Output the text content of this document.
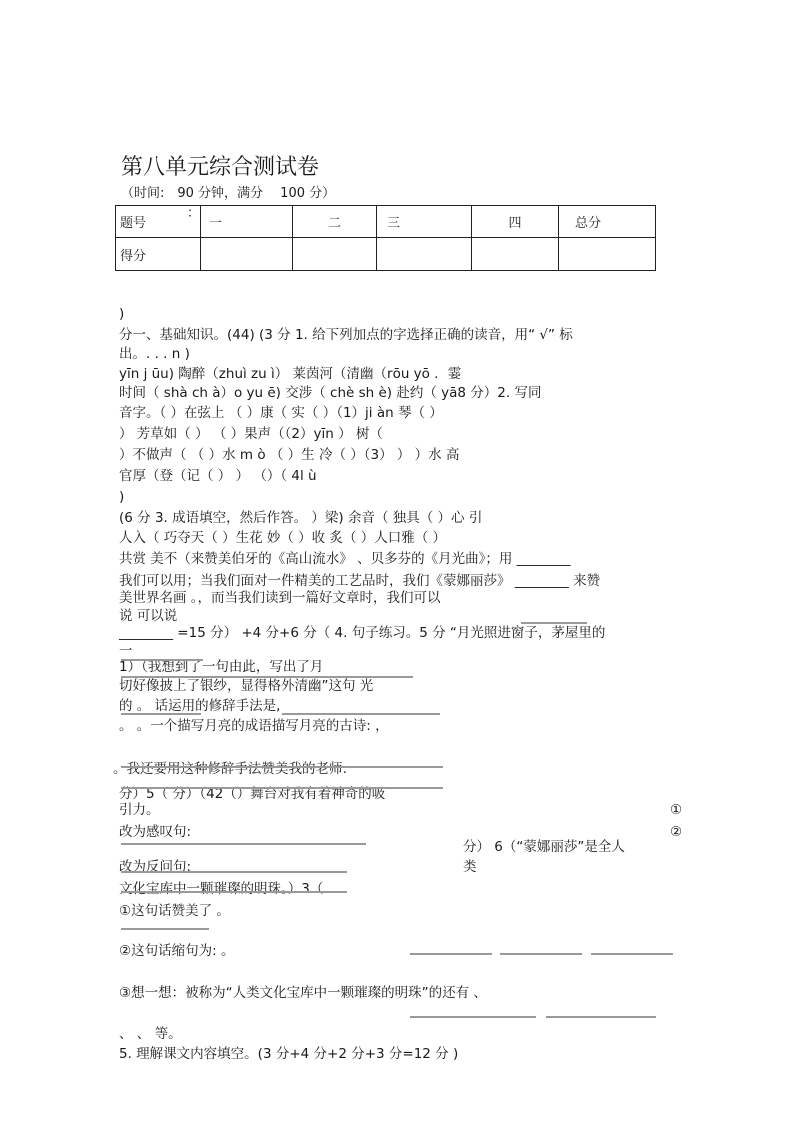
第八单元综合测试卷
（时间:　90 分钟，满分　 100 分）
：
题号	一	二	三	四	总分
得分					
)
分一、基础知识。(44) (3 分 1. 给下列加点的字选择正确的读音，用“ √” 标
出。. . . n )
yīn j ūu) 陶醉（zhuì zu ì） 莱茵河（清幽（rōu yō ．霎
时间（ shà ch à）o yu ē) 交涉（ chè sh è) 赴约（ yā8 分）2. 写同
音字。（ ）在弦上 （ ）康（ 实（ ）（1）ji àn 琴（ ）
） 芳草如（ ） （ ）果声（（2）yīn ） 树（
）不做声（ （ ）水 m ò （ ）生 冷（ ）（3） ） ）水 高
官厚（登（记（ ） ） （）（ 4l ù
)
(6 分 3. 成语填空，然后作答。 ）梁) 余音（ 独具（ ）心 引
人入（ 巧夺天（ ）生花 妙（ ）收 炙（ ）人口雅（ ）
共赏 美不（来赞美伯牙的《高山流水》 、贝多芬的《月光曲》；用 ________
我们可以用；当我们面对一件精美的工艺品时，我们《蒙娜丽莎》 ________ 来赞
美世界名画 。，而当我们读到一篇好文章时，我们可以
说 可以说
________ =15 分） +4 分+6 分（ 4. 句子练习。5 分 “月光照进窗子，茅屋里的
一
1）（我想到了一句由此，写出了月
切好像披上了银纱，显得格外清幽”这句 光
的 。 话运用的修辞手法是,
。 。一个描写月亮的成语描写月亮的古诗: ，
。我还要用这种修辞手法赞美我的老师:
分）5（ 分）（42（）舞台对我有着神奇的吸
引力。
改为感叹句:
改为反问句:
文化宝库中一颗璀璨的明珠。）3（.
①这句话赞美了 。
②这句话缩句为: 。
③想一想：被称为“人类文化宝库中一颗璀璨的明珠”的还有 、
、 、 等。
5. 理解课文内容填空。(3 分+4 分+2 分+3 分=12 分 )
①
②
分） 6（“蒙娜丽莎”是全人
类
